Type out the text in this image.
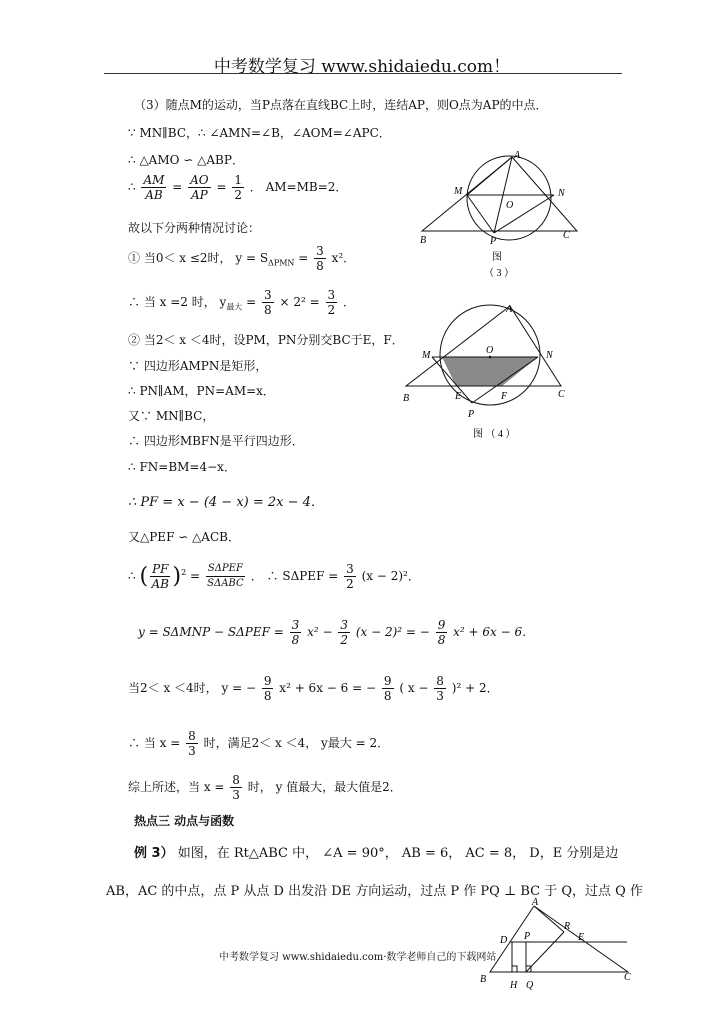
中考数学复习 www.shidaiedu.com！
（3）随点M的运动，当P点落在直线BC上时，连结AP，则O点为AP的中点．
∵ MN∥BC，∴ ∠AMN=∠B，∠AOM=∠APC．
∴ △AMO ∽ △ABP．
∴ $\frac{AM}{AB} = \frac{AO}{AP} = \frac{1}{2}$ ． AM=MB=2．
故以下分两种情况讨论：
① 当0＜ x ≤2时， $y = S_{\Delta PMN} = \frac{3}{8} x^2$．
∴ 当 x =2 时， $y_{最大} = \frac{3}{8} \times 2^2 = \frac{3}{2}$ ．
② 当2＜ x ＜4时，设PM，PN分别交BC于E，F．
∵ 四边形AMPN是矩形，
∴ PN∥AM，PN=AM=x．
又∵ MN∥BC，
∴ 四边形MBFN是平行四边形．
∴ FN=BM=4−x．
∴ PF = x − (4 − x) = 2x − 4．
又△PEF ∽ △ACB．
∴ ( $\frac{PF}{AB} )^2 = \frac{\text{SΔPEF}}{\text{SΔABC}}$ ． ∴ $S\Delta PEF = \frac{3}{2} (x - 2)^2$．
$y = S\Delta MNP - S\Delta PEF = \frac{3}{8} x^2 - \frac{3}{2} (x - 2)^2$ = − $\frac{9}{8} x^2 + 6x - 6$．
当2＜ x ＜4时， y = − $\frac{9}{8} x^2 + 6x - 6$ = − $\frac{9}{8}$ ( $x - \frac{8}{3} )^2 + 2$．
∴ 当 $x = \frac{8}{3}$ 时，满足2＜ x ＜4， y最大 = 2．
综上所述，当 $x = \frac{8}{3}$ 时， y 值最大，最大值是2．
热点三 动点与函数
例 3） 如图，在 Rt△ABC 中， ∠A = 90°， AB = 6， AC = 8， D，E 分别是边
AB，AC 的中点，点 P 从点 D 出发沿 DE 方向运动，过点 P 作 PQ ⊥ BC 于 Q，过点 Q 作
A
M	N
O
B	P
C
图
（ 3 ）
A
M	O	N
B	E	F	C
P
图 （ 4 ）
A
D P
R
E
B
H Q
C
中考数学复习 www.shidaiedu.com·数学老师自己的下载网站
